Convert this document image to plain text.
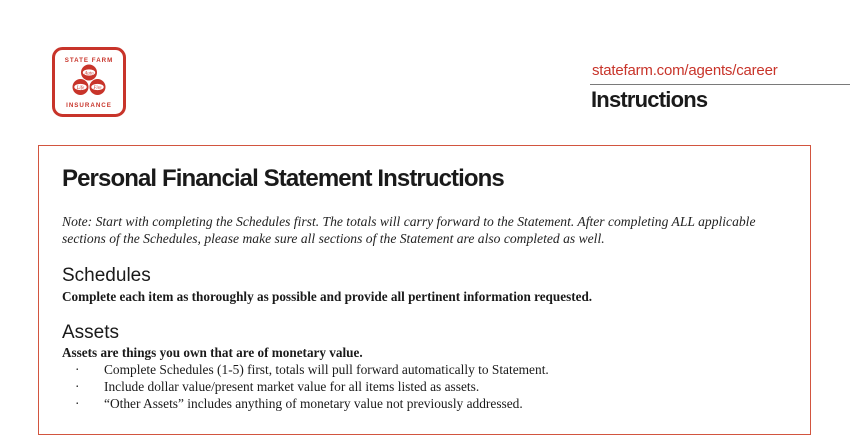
STATE FARM
Auto
Life Fire
INSURANCE
statefarm.com/agents/career
Instructions
Personal Financial Statement Instructions
Note: Start with completing the Schedules first. The totals will carry forward to the Statement. After completing ALL applicable sections of the Schedules, please make sure all sections of the Statement are also completed as well.
Schedules
Complete each item as thoroughly as possible and provide all pertinent information requested.
Assets
Assets are things you own that are of monetary value.
· Complete Schedules (1-5) first, totals will pull forward automatically to Statement.
· Include dollar value/present market value for all items listed as assets.
· “Other Assets” includes anything of monetary value not previously addressed.
